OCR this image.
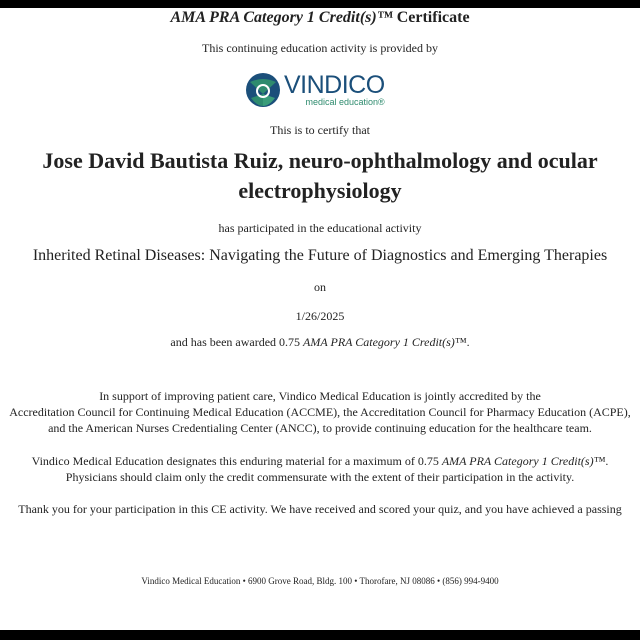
AMA PRA Category 1 Credit(s)™ Certificate
This continuing education activity is provided by
VINDICO
medical education®
This is to certify that
Jose David Bautista Ruiz, neuro-ophthalmology and ocular
electrophysiology
has participated in the educational activity
Inherited Retinal Diseases: Navigating the Future of Diagnostics and Emerging Therapies
on
1/26/2025
and has been awarded 0.75 AMA PRA Category 1 Credit(s)™.
In support of improving patient care, Vindico Medical Education is jointly accredited by the
Accreditation Council for Continuing Medical Education (ACCME), the Accreditation Council for Pharmacy Education (ACPE),
and the American Nurses Credentialing Center (ANCC), to provide continuing education for the healthcare team.
Vindico Medical Education designates this enduring material for a maximum of 0.75 AMA PRA Category 1 Credit(s)™.
Physicians should claim only the credit commensurate with the extent of their participation in the activity.
Thank you for your participation in this CE activity. We have received and scored your quiz, and you have achieved a passing
Vindico Medical Education • 6900 Grove Road, Bldg. 100 • Thorofare, NJ 08086 • (856) 994-9400
